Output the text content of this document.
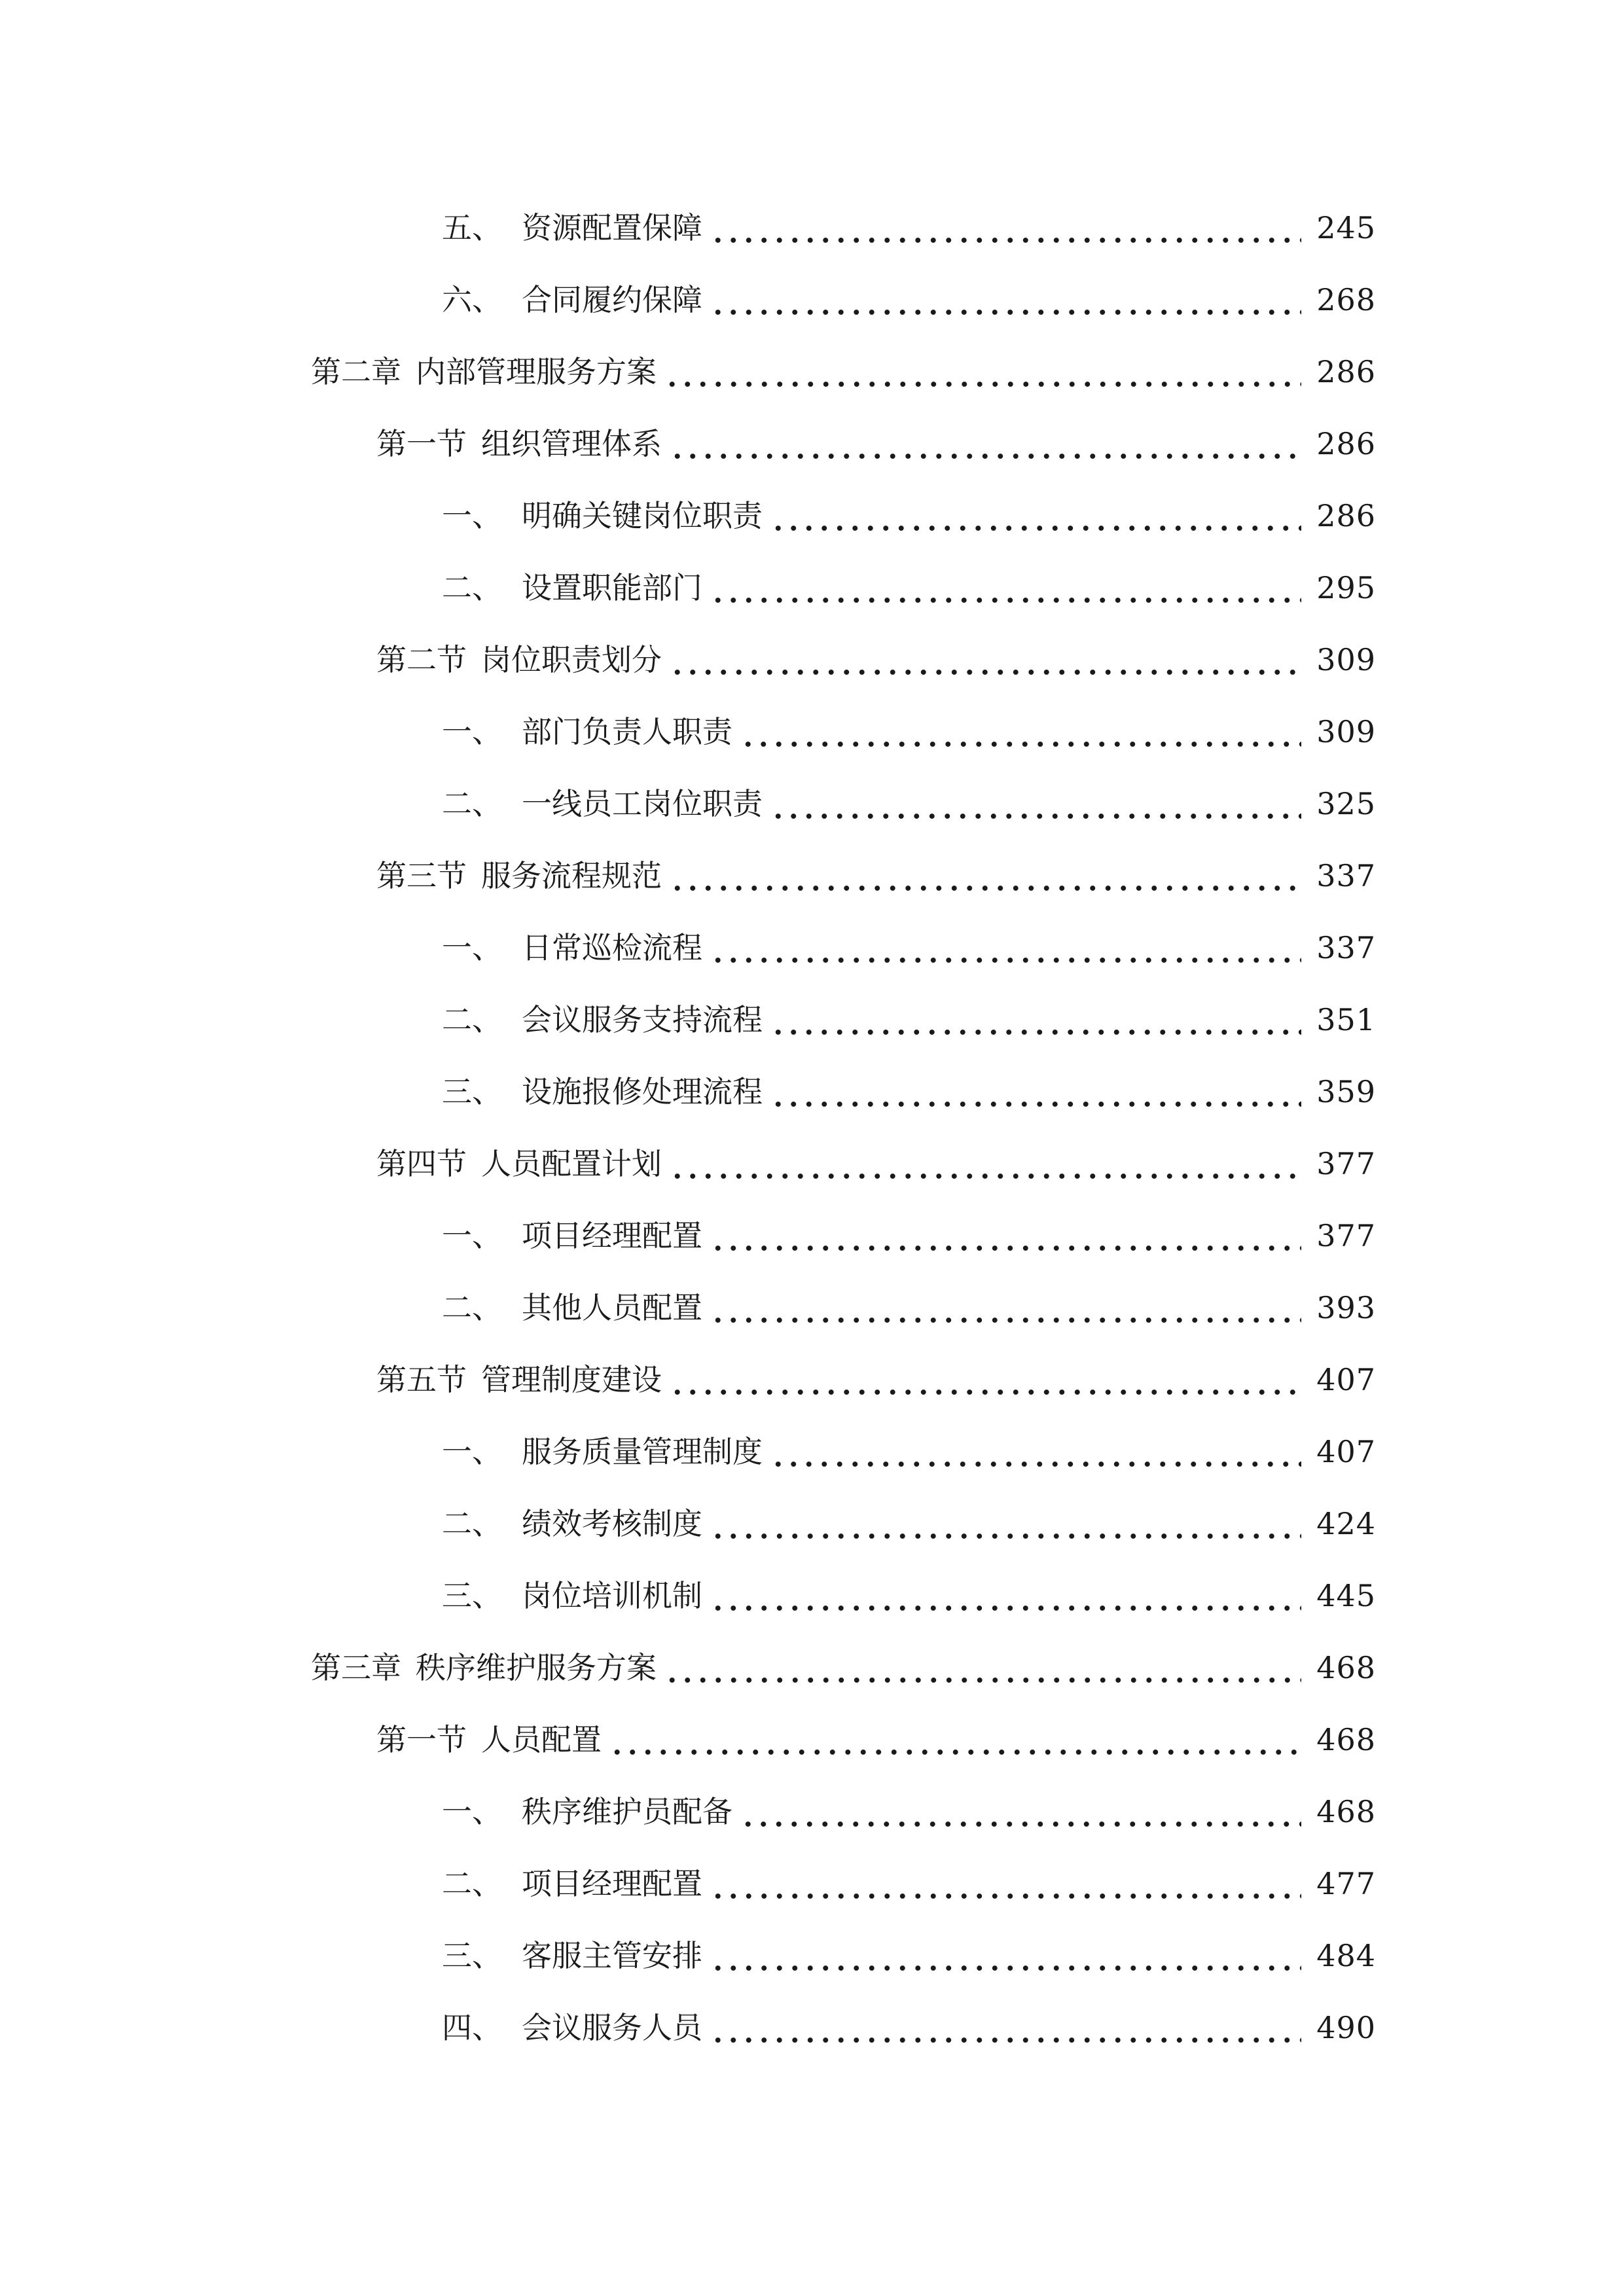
五、 资源配置保障	245
六、 合同履约保障	268
第二章 内部管理服务方案	286
第一节 组织管理体系	286
一、 明确关键岗位职责	286
二、 设置职能部门	295
第二节 岗位职责划分	309
一、 部门负责人职责	309
二、 一线员工岗位职责	325
第三节 服务流程规范	337
一、 日常巡检流程	337
二、 会议服务支持流程	351
三、 设施报修处理流程	359
第四节 人员配置计划	377
一、 项目经理配置	377
二、 其他人员配置	393
第五节 管理制度建设	407
一、 服务质量管理制度	407
二、 绩效考核制度	424
三、 岗位培训机制	445
第三章 秩序维护服务方案	468
第一节 人员配置	468
一、 秩序维护员配备	468
二、 项目经理配置	477
三、 客服主管安排	484
四、 会议服务人员	490
